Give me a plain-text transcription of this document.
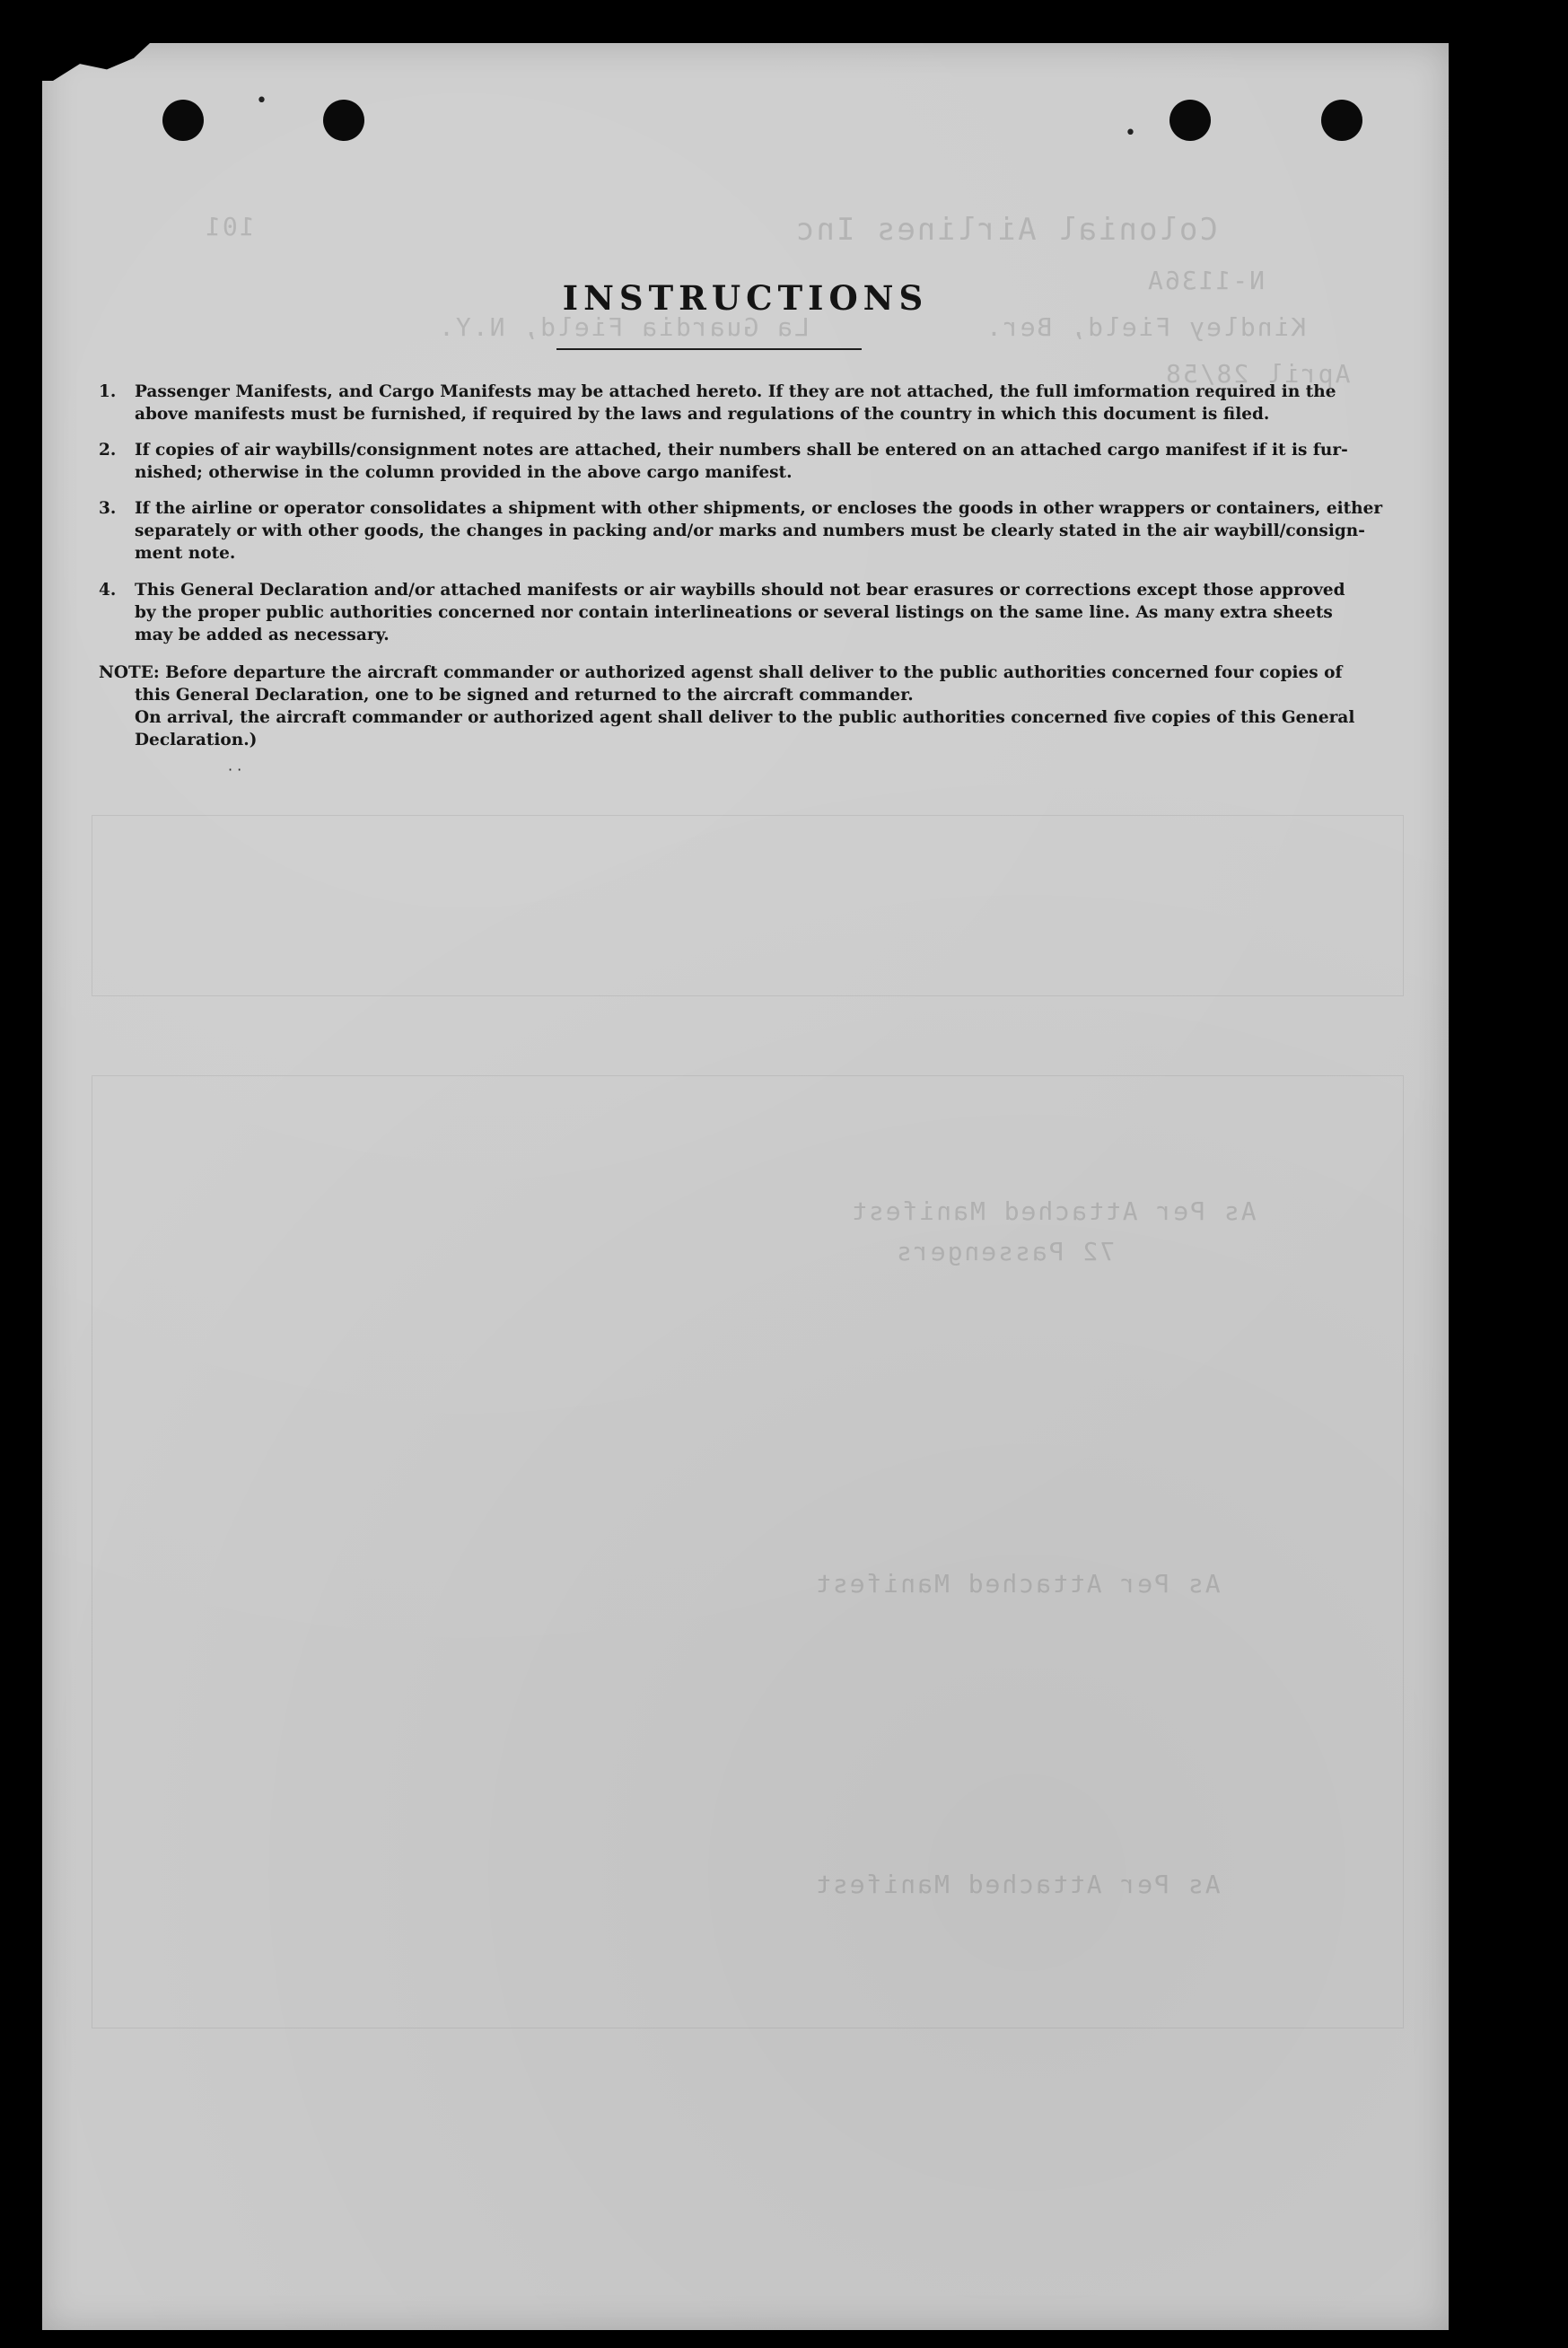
•
•
· ·
Colonial Airlines Inc
101
N-1136A
Kindley Field, Ber.
La Guardia Field, N.Y.
April 28/58
As Per Attached Manifest
72 Passengers
As Per Attached Manifest
As Per Attached Manifest
INSTRUCTIONS
1.	Passenger Manifests, and Cargo Manifests may be attached hereto. If they are not attached, the full imformation required in the
above manifests must be furnished, if required by the laws and regulations of the country in which this document is filed.
2.	If copies of air waybills/consignment notes are attached, their numbers shall be entered on an attached cargo manifest if it is fur-
nished; otherwise in the column provided in the above cargo manifest.
3.	If the airline or operator consolidates a shipment with other shipments, or encloses the goods in other wrappers or containers, either
separately or with other goods, the changes in packing and/or marks and numbers must be clearly stated in the air waybill/consign-
ment note.
4.	This General Declaration and/or attached manifests or air waybills should not bear erasures or corrections except those approved
by the proper public authorities concerned nor contain interlineations or several listings on the same line. As many extra sheets
may be added as necessary.
NOTE: Before departure the aircraft commander or authorized agenst shall deliver to the public authorities concerned four copies of
this General Declaration, one to be signed and returned to the aircraft commander.
On arrival, the aircraft commander or authorized agent shall deliver to the public authorities concerned five copies of this General
Declaration.)
